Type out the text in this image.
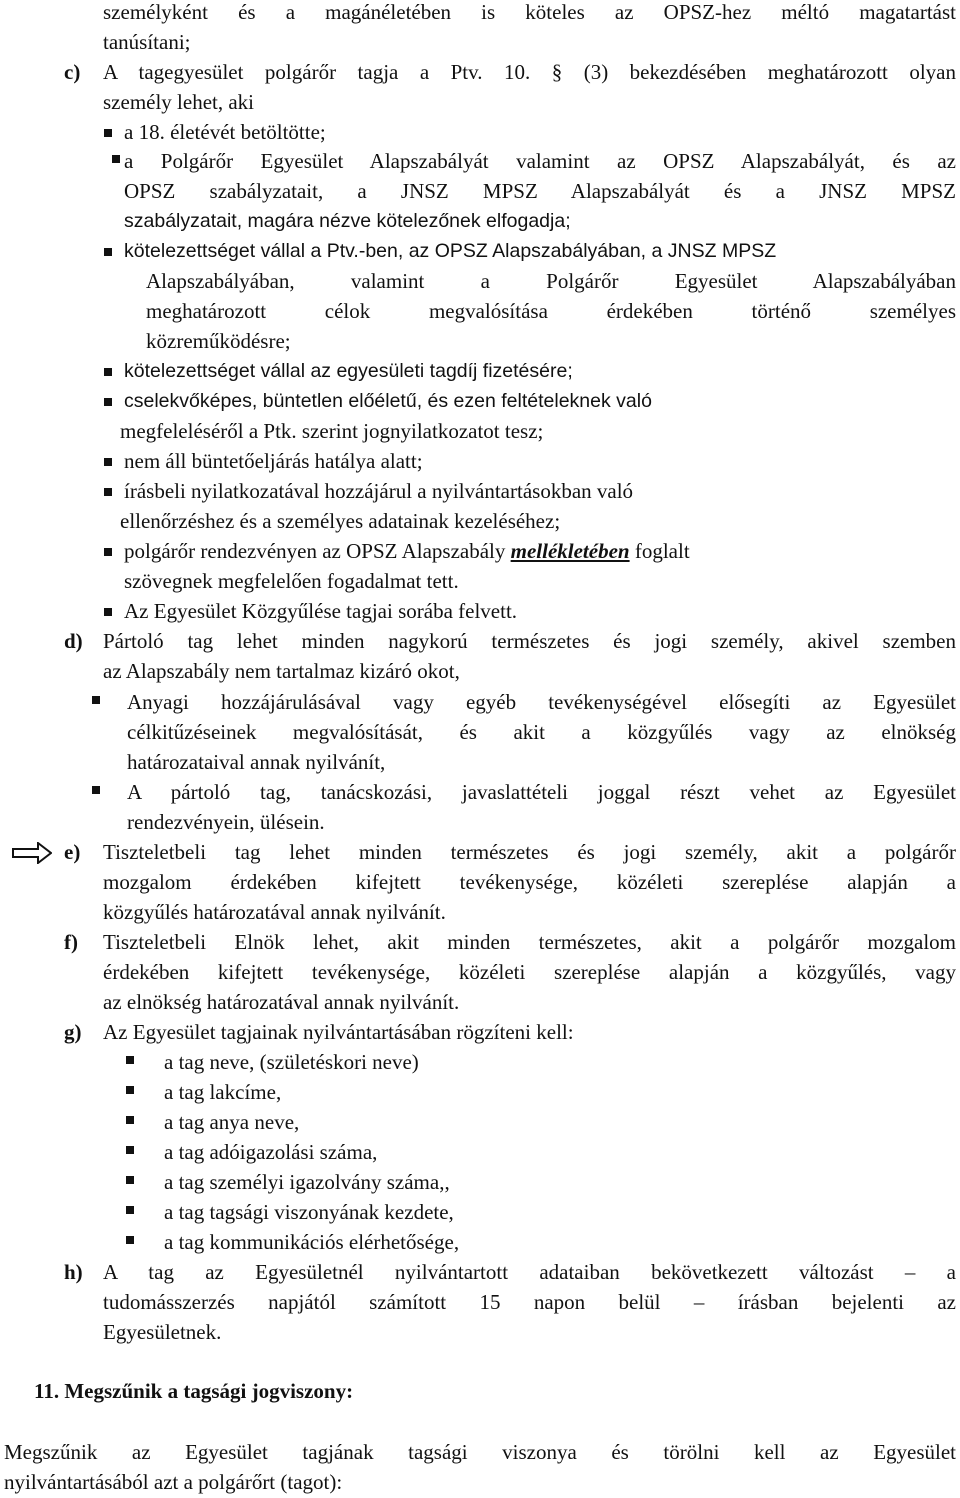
személyként és a magánéletében is köteles az OPSZ-hez méltó magatartást
tanúsítani;
c) A tagegyesület polgárőr tagja a Ptv. 10. § (3) bekezdésében meghatározott olyan
személy lehet, aki
a 18. életévét betöltötte;
a Polgárőr Egyesület Alapszabályát valamint az OPSZ Alapszabályát, és az
OPSZ szabályzatait, a JNSZ MPSZ Alapszabályát és a JNSZ MPSZ
szabályzatait, magára nézve kötelezőnek elfogadja;
kötelezettséget vállal a Ptv.-ben, az OPSZ Alapszabályában, a JNSZ MPSZ
Alapszabályában, valamint a Polgárőr Egyesület Alapszabályában
meghatározott célok megvalósítása érdekében történő személyes
közreműködésre;
kötelezettséget vállal az egyesületi tagdíj fizetésére;
cselekvőképes, büntetlen előéletű, és ezen feltételeknek való
megfeleléséről a Ptk. szerint jognyilatkozatot tesz;
nem áll büntetőeljárás hatálya alatt;
írásbeli nyilatkozatával hozzájárul a nyilvántartásokban való
ellenőrzéshez és a személyes adatainak kezeléséhez;
polgárőr rendezvényen az OPSZ Alapszabály mellékletében foglalt
szövegnek megfelelően fogadalmat tett.
Az Egyesület Közgyűlése tagjai sorába felvett.
d) Pártoló tag lehet minden nagykorú természetes és jogi személy, akivel szemben
az Alapszabály nem tartalmaz kizáró okot,
Anyagi hozzájárulásával vagy egyéb tevékenységével elősegíti az Egyesület
célkitűzéseinek megvalósítását, és akit a közgyűlés vagy az elnökség
határozataival annak nyilvánít,
A pártoló tag, tanácskozási, javaslattételi joggal részt vehet az Egyesület
rendezvényein, ülésein.
e) Tiszteletbeli tag lehet minden természetes és jogi személy, akit a polgárőr
mozgalom érdekében kifejtett tevékenysége, közéleti szereplése alapján a
közgyűlés határozatával annak nyilvánít.
f) Tiszteletbeli Elnök lehet, akit minden természetes, akit a polgárőr mozgalom
érdekében kifejtett tevékenysége, közéleti szereplése alapján a közgyűlés, vagy
az elnökség határozatával annak nyilvánít.
g) Az Egyesület tagjainak nyilvántartásában rögzíteni kell:
a tag neve, (születéskori neve)
a tag lakcíme,
a tag anya neve,
a tag adóigazolási száma,
a tag személyi igazolvány száma,,
a tag tagsági viszonyának kezdete,
a tag kommunikációs elérhetősége,
h) A tag az Egyesületnél nyilvántartott adataiban bekövetkezett változást – a
tudomásszerzés napjától számított 15 napon belül – írásban bejelenti az
Egyesületnek.
11. Megszűnik a tagsági jogviszony:
Megszűnik az Egyesület tagjának tagsági viszonya és törölni kell az Egyesület
nyilvántartásából azt a polgárőrt (tagot):
